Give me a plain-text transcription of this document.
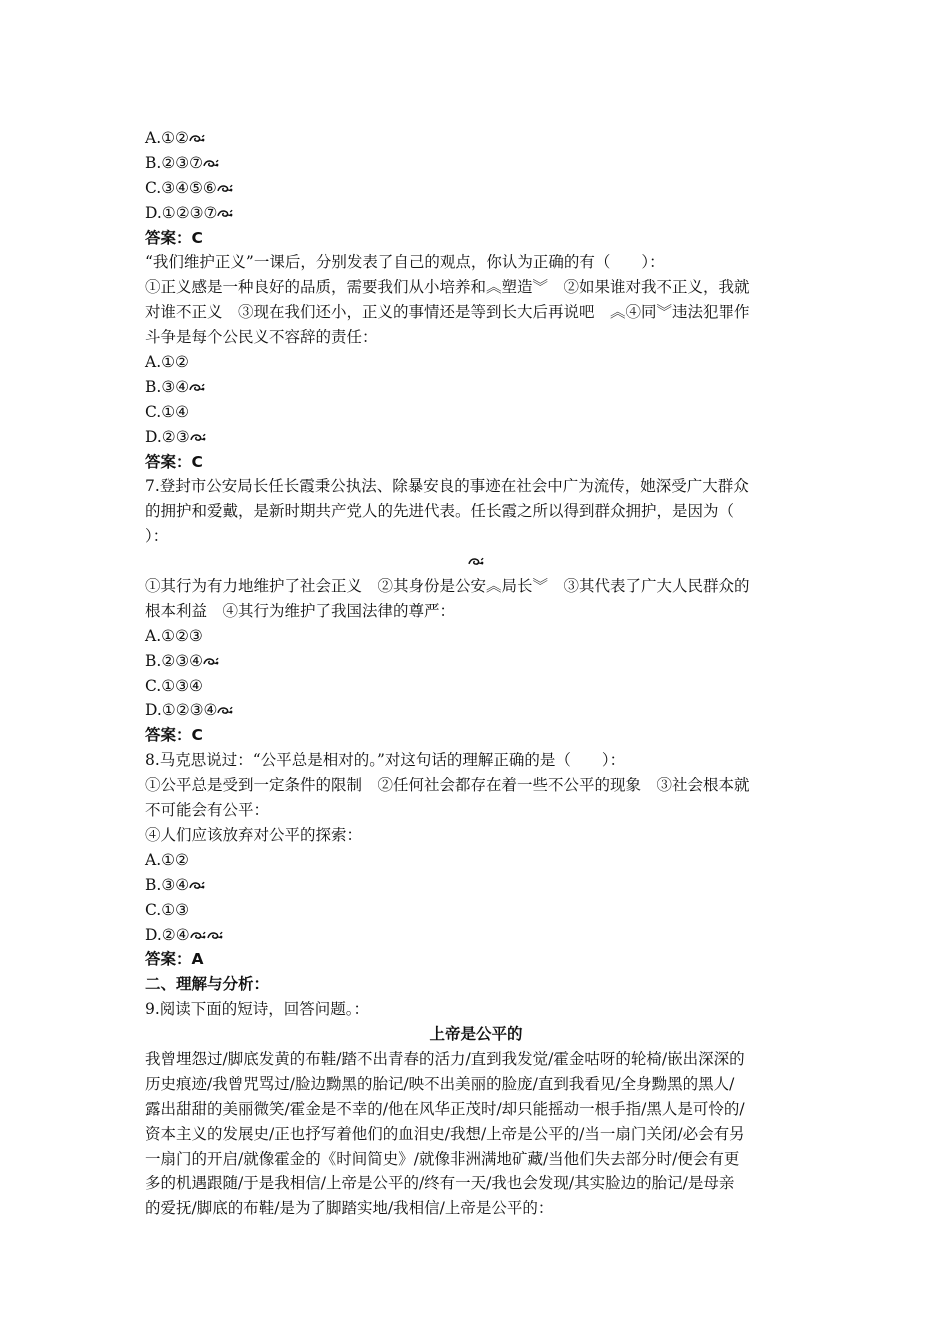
A.①②
B.②③⑦
C.③④⑤⑥
D.①②③⑦
答案：C
“我们维护正义”一课后，分别发表了自己的观点，你认为正确的有（　　）：
①正义感是一种良好的品质，需要我们从小培养和︽塑造︾　②如果谁对我不正义，我就
对谁不正义　③现在我们还小，正义的事情还是等到长大后再说吧　︽④同︾违法犯罪作
斗争是每个公民义不容辞的责任：
A.①②
B.③④
C.①④
D.②③
答案：C
7.登封市公安局长任长霞秉公执法、除暴安良的事迹在社会中广为流传，她深受广大群众
的拥护和爱戴，是新时期共产党人的先进代表。任长霞之所以得到群众拥护，是因为（
）：
①其行为有力地维护了社会正义　②其身份是公安︽局长︾　③其代表了广大人民群众的
根本利益　④其行为维护了我国法律的尊严：
A.①②③
B.②③④
C.①③④
D.①②③④
答案：C
8.马克思说过：“公平总是相对的。”对这句话的理解正确的是（　　）：
①公平总是受到一定条件的限制　②任何社会都存在着一些不公平的现象　③社会根本就
不可能会有公平：
④人们应该放弃对公平的探索：
A.①②
B.③④
C.①③
D.②④
答案：A
二、理解与分析：
9.阅读下面的短诗，回答问题。：
上帝是公平的
我曾埋怨过/脚底发黄的布鞋/踏不出青春的活力/直到我发觉/霍金咕呀的轮椅/嵌出深深的
历史痕迹/我曾咒骂过/脸边黝黑的胎记/映不出美丽的脸庞/直到我看见/全身黝黑的黑人/
露出甜甜的美丽微笑/霍金是不幸的/他在风华正茂时/却只能摇动一根手指/黑人是可怜的/
资本主义的发展史/正也抒写着他们的血泪史/我想/上帝是公平的/当一扇门关闭/必会有另
一扇门的开启/就像霍金的《时间简史》/就像非洲满地矿藏/当他们失去部分时/便会有更
多的机遇跟随/于是我相信/上帝是公平的/终有一天/我也会发现/其实脸边的胎记/是母亲
的爱抚/脚底的布鞋/是为了脚踏实地/我相信/上帝是公平的：
